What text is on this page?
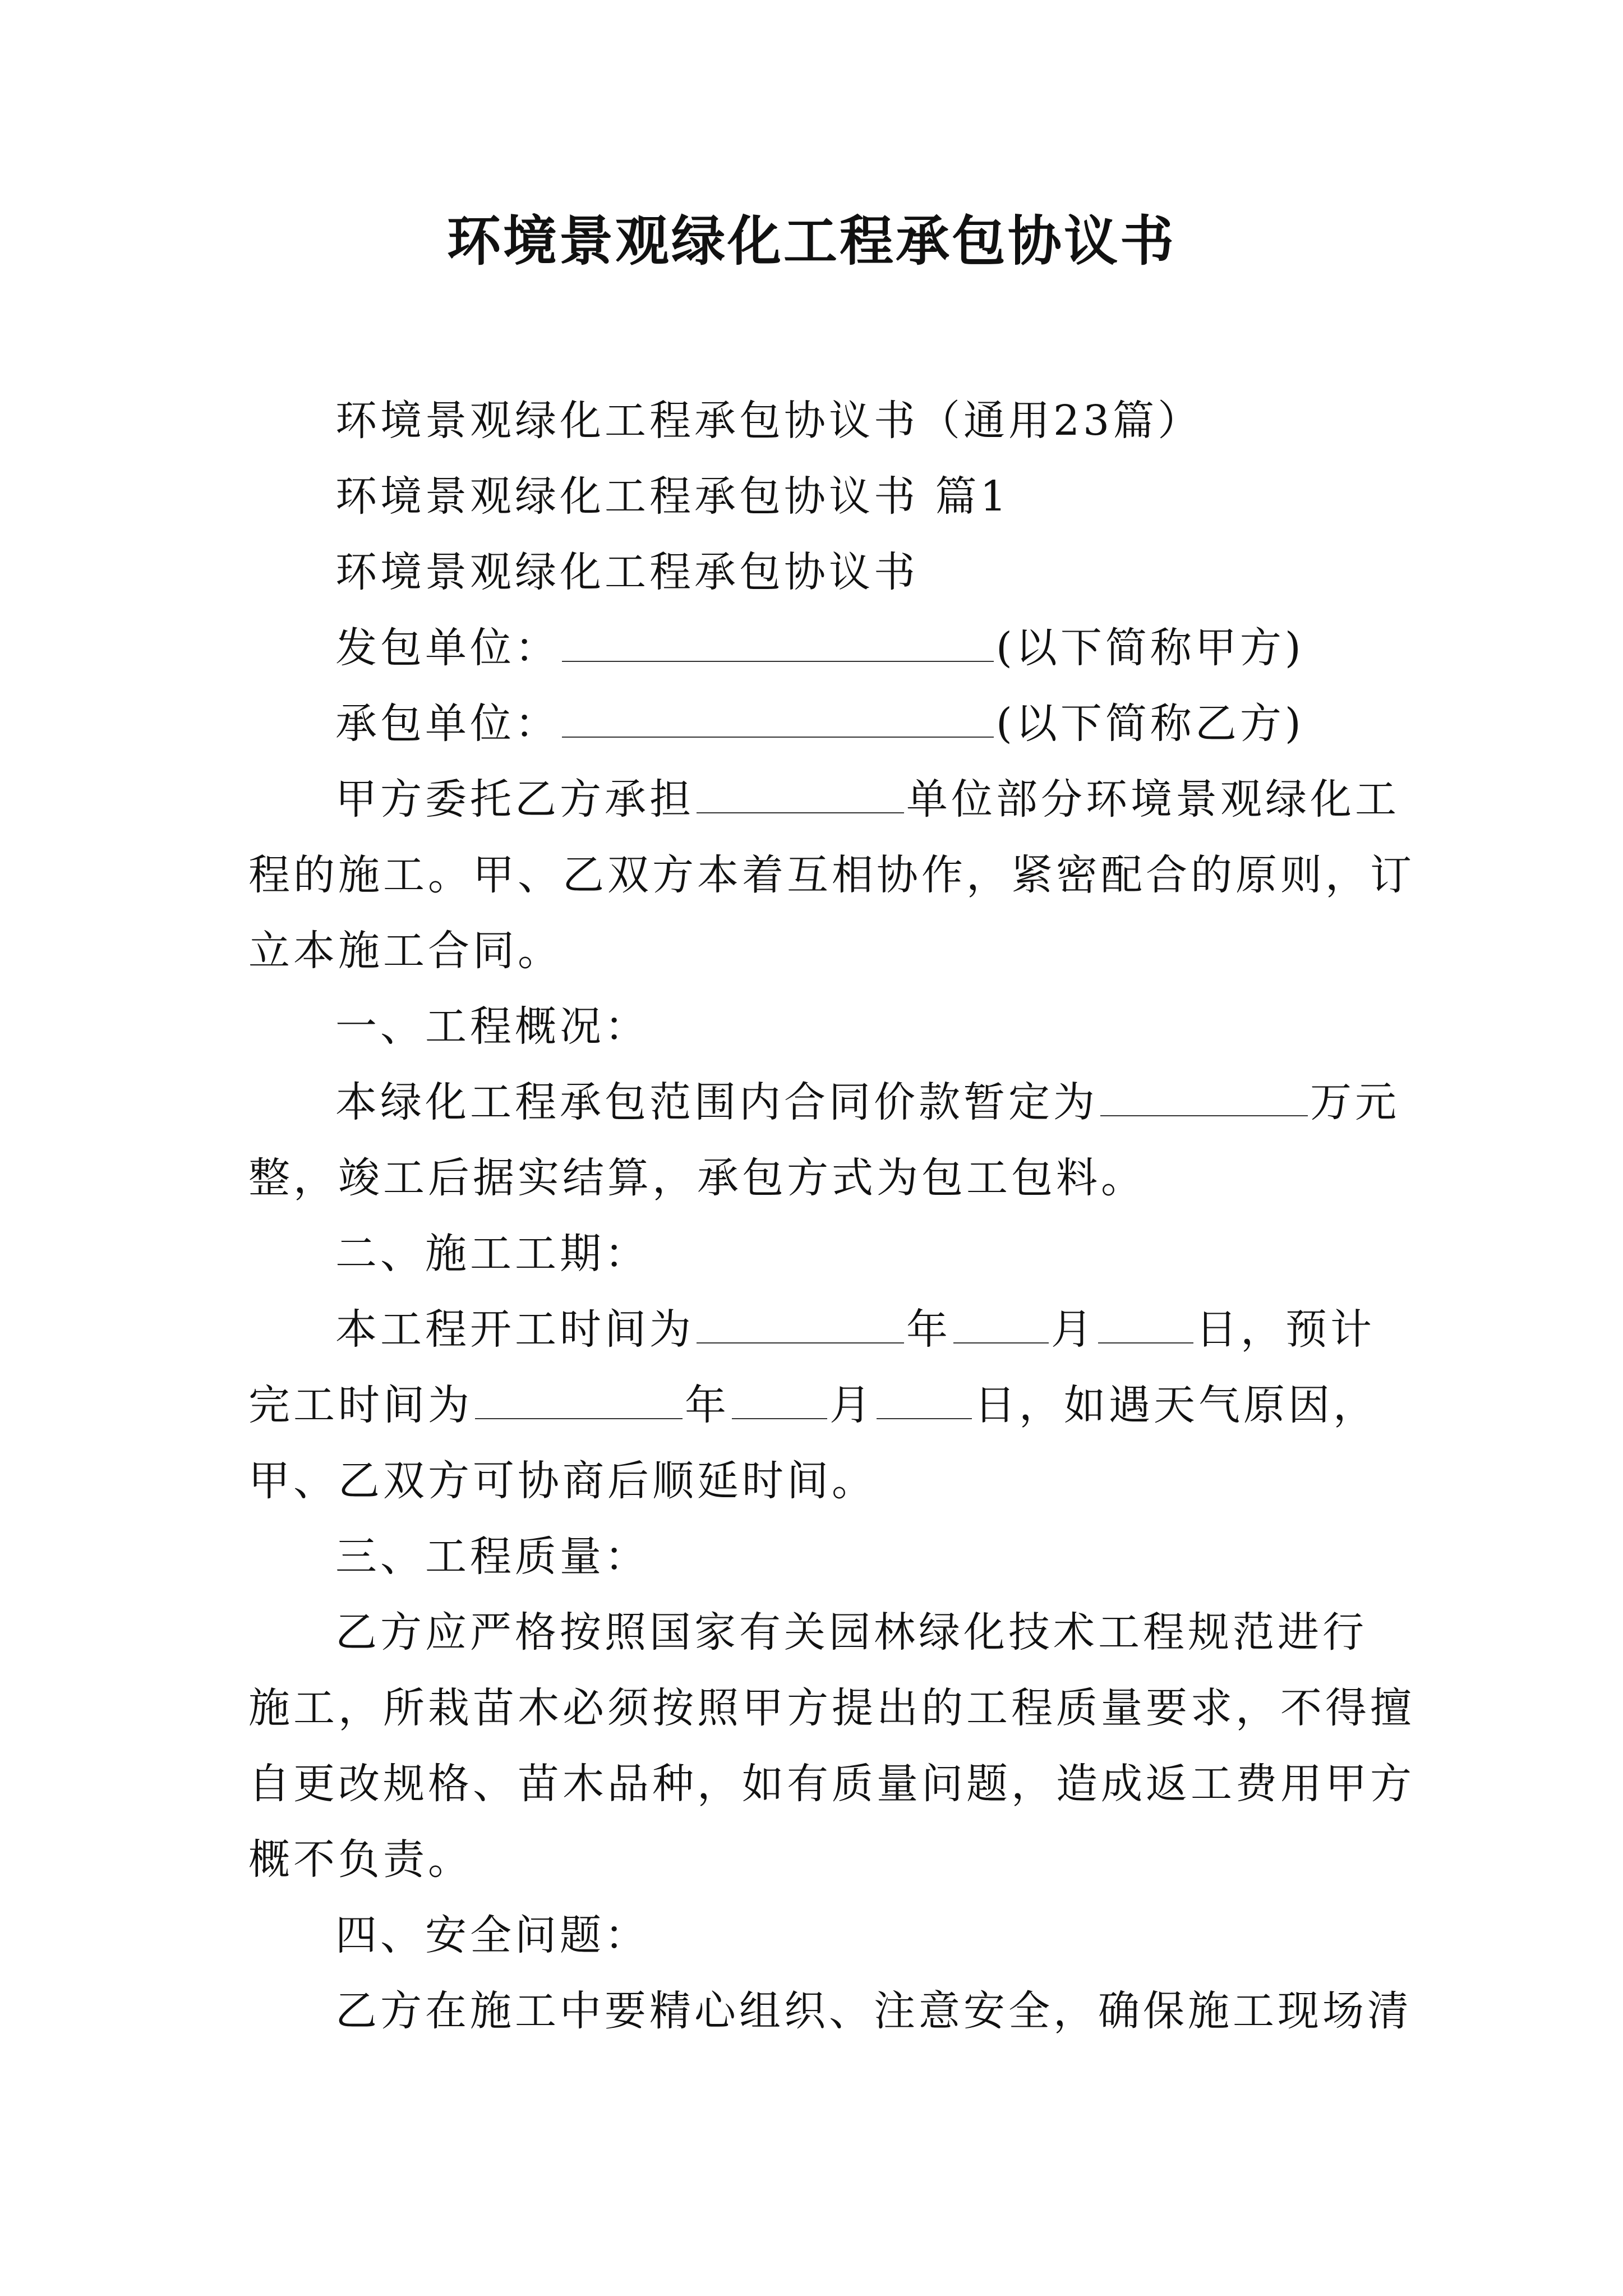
环境景观绿化工程承包协议书
环境景观绿化工程承包协议书（通用23篇）
环境景观绿化工程承包协议书 篇1
环境景观绿化工程承包协议书
发包单位：	(以下简称甲方)
承包单位：	(以下简称乙方)
甲方委托乙方承担	单位部分环境景观绿化工
程的施工。甲、乙双方本着互相协作，紧密配合的原则，订
立本施工合同。
一、工程概况：
本绿化工程承包范围内合同价款暂定为	万元
整，竣工后据实结算，承包方式为包工包料。
二、施工工期：
本工程开工时间为	年 月 日，预计
完工时间为	年 月 日，如遇天气原因，
甲、乙双方可协商后顺延时间。
三、工程质量：
乙方应严格按照国家有关园林绿化技术工程规范进行
施工，所栽苗木必须按照甲方提出的工程质量要求，不得擅
自更改规格、苗木品种，如有质量问题，造成返工费用甲方
概不负责。
四、安全问题：
乙方在施工中要精心组织、注意安全，确保施工现场清
